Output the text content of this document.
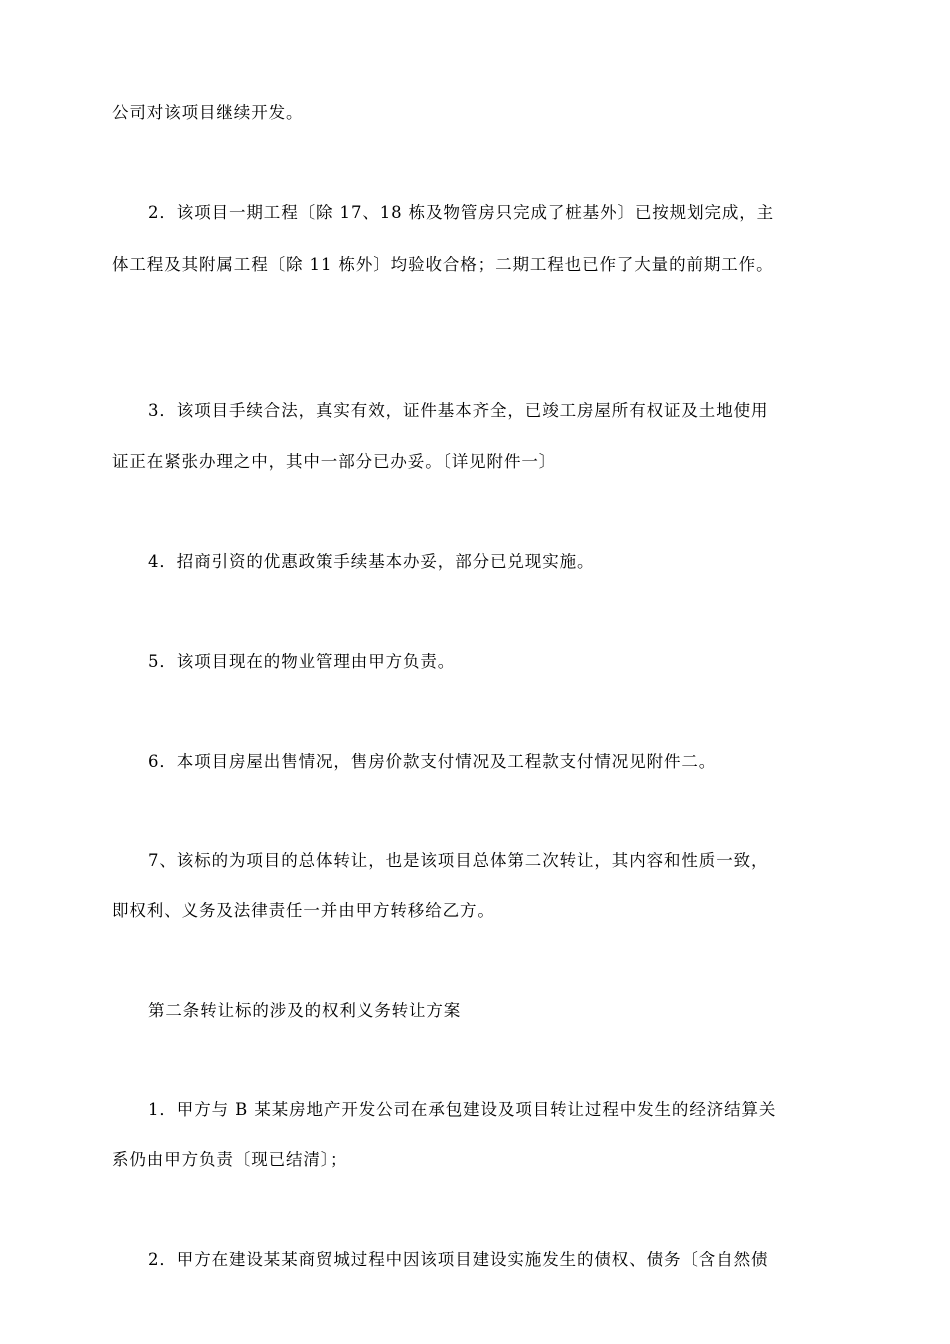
公司对该项目继续开发。
2．该项目一期工程〔除 17、18 栋及物管房只完成了桩基外〕已按规划完成，主
体工程及其附属工程〔除 11 栋外〕均验收合格；二期工程也已作了大量的前期工作。
3．该项目手续合法，真实有效，证件基本齐全，已竣工房屋所有权证及土地使用
证正在紧张办理之中，其中一部分已办妥。〔详见附件一〕
4．招商引资的优惠政策手续基本办妥，部分已兑现实施。
5．该项目现在的物业管理由甲方负责。
6．本项目房屋出售情况，售房价款支付情况及工程款支付情况见附件二。
7、该标的为项目的总体转让，也是该项目总体第二次转让，其内容和性质一致，
即权利、义务及法律责任一并由甲方转移给乙方。
第二条转让标的涉及的权利义务转让方案
1．甲方与 B 某某房地产开发公司在承包建设及项目转让过程中发生的经济结算关
系仍由甲方负责〔现已结清〕；
2．甲方在建设某某商贸城过程中因该项目建设实施发生的债权、债务〔含自然债
